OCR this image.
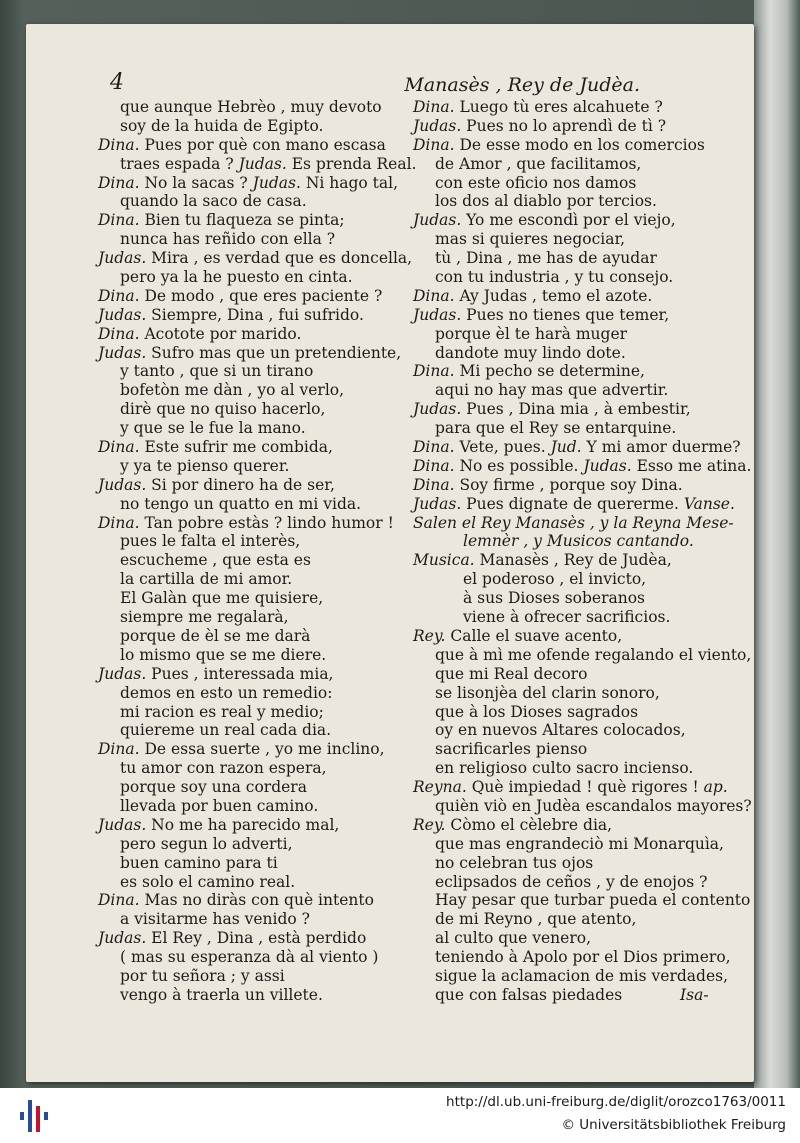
4	Manasès , Rey de Judèa.
que aunque Hebrèo , muy devoto
soy de la huida de Egipto.
Dina. Pues por què con mano escasa
traes espada ? Judas. Es prenda Real.
Dina. No la sacas ? Judas. Ni hago tal,
quando la saco de casa.
Dina. Bien tu flaqueza se pinta;
nunca has reñido con ella ?
Judas. Mira , es verdad que es doncella,
pero ya la he puesto en cinta.
Dina. De modo , que eres paciente ?
Judas. Siempre, Dina , fui sufrido.
Dina. Acotote por marido.
Judas. Sufro mas que un pretendiente,
y tanto , que si un tirano
bofetòn me dàn , yo al verlo,
dirè que no quiso hacerlo,
y que se le fue la mano.
Dina. Este sufrir me combida,
y ya te pienso querer.
Judas. Si por dinero ha de ser,
no tengo un quatto en mi vida.
Dina. Tan pobre estàs ? lindo humor !
pues le falta el interès,
escucheme , que esta es
la cartilla de mi amor.
El Galàn que me quisiere,
siempre me regalarà,
porque de èl se me darà
lo mismo que se me diere.
Judas. Pues , interessada mia,
demos en esto un remedio:
mi racion es real y medio;
quiereme un real cada dia.
Dina. De essa suerte , yo me inclino,
tu amor con razon espera,
porque soy una cordera
llevada por buen camino.
Judas. No me ha parecido mal,
pero segun lo adverti,
buen camino para ti
es solo el camino real.
Dina. Mas no diràs con què intento
a visitarme has venido ?
Judas. El Rey , Dina , està perdido
( mas su esperanza dà al viento )
por tu señora ; y assi
vengo à traerla un villete.
Dina. Luego tù eres alcahuete ?
Judas. Pues no lo aprendì de tì ?
Dina. De esse modo en los comercios
de Amor , que facilitamos,
con este oficio nos damos
los dos al diablo por tercios.
Judas. Yo me escondì por el viejo,
mas si quieres negociar,
tù , Dina , me has de ayudar
con tu industria , y tu consejo.
Dina. Ay Judas , temo el azote.
Judas. Pues no tienes que temer,
porque èl te harà muger
dandote muy lindo dote.
Dina. Mi pecho se determine,
aqui no hay mas que advertir.
Judas. Pues , Dina mia , à embestir,
para que el Rey se entarquine.
Dina. Vete, pues. Jud. Y mi amor duerme?
Dina. No es possible. Judas. Esso me atina.
Dina. Soy firme , porque soy Dina.
Judas. Pues dignate de quererme. Vanse.
Salen el Rey Manasès , y la Reyna Mese-
lemnèr , y Musicos cantando.
Musica. Manasès , Rey de Judèa,
el poderoso , el invicto,
à sus Dioses soberanos
viene à ofrecer sacrificios.
Rey. Calle el suave acento,
que à mì me ofende regalando el viento,
que mi Real decoro
se lisonjèa del clarin sonoro,
que à los Dioses sagrados
oy en nuevos Altares colocados,
sacrificarles pienso
en religioso culto sacro incienso.
Reyna. Què impiedad ! què rigores ! ap.
quièn viò en Judèa escandalos mayores?
Rey. Còmo el cèlebre dia,
que mas engrandeciò mi Monarquìa,
no celebran tus ojos
eclipsados de ceños , y de enojos ?
Hay pesar que turbar pueda el contento
de mi Reyno , que atento,
al culto que venero,
teniendo à Apolo por el Dios primero,
sigue la aclamacion de mis verdades,
que con falsas piedades	Isa-
http://dl.ub.uni-freiburg.de/diglit/orozco1763/0011
© Universitätsbibliothek Freiburg
